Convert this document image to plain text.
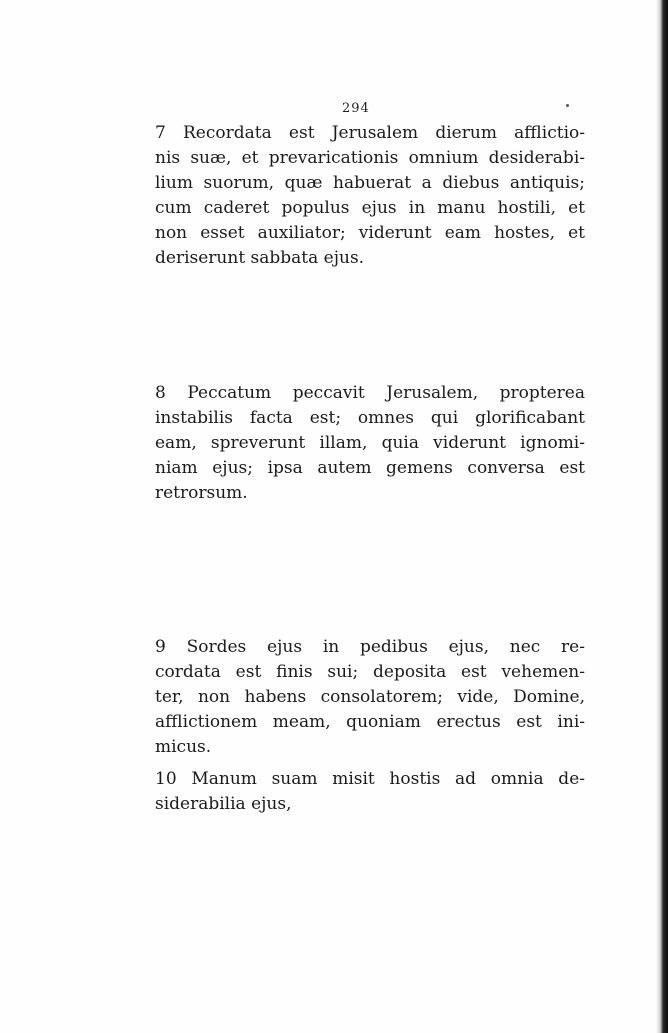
294
7 Recordata est Jerusalem dierum afflictio-
nis suæ, et prevaricationis omnium desiderabi-
lium suorum, quæ habuerat a diebus antiquis;
cum caderet populus ejus in manu hostili, et
non esset auxiliator; viderunt eam hostes, et
deriserunt sabbata ejus.
8 Peccatum peccavit Jerusalem, propterea
instabilis facta est; omnes qui glorificabant
eam, spreverunt illam, quia viderunt ignomi-
niam ejus; ipsa autem gemens conversa est
retrorsum.
9 Sordes ejus in pedibus ejus, nec re-
cordata est finis sui; deposita est vehemen-
ter, non habens consolatorem; vide, Domine,
afflictionem meam, quoniam erectus est ini-
micus.
10 Manum suam misit hostis ad omnia de-
siderabilia ejus,
